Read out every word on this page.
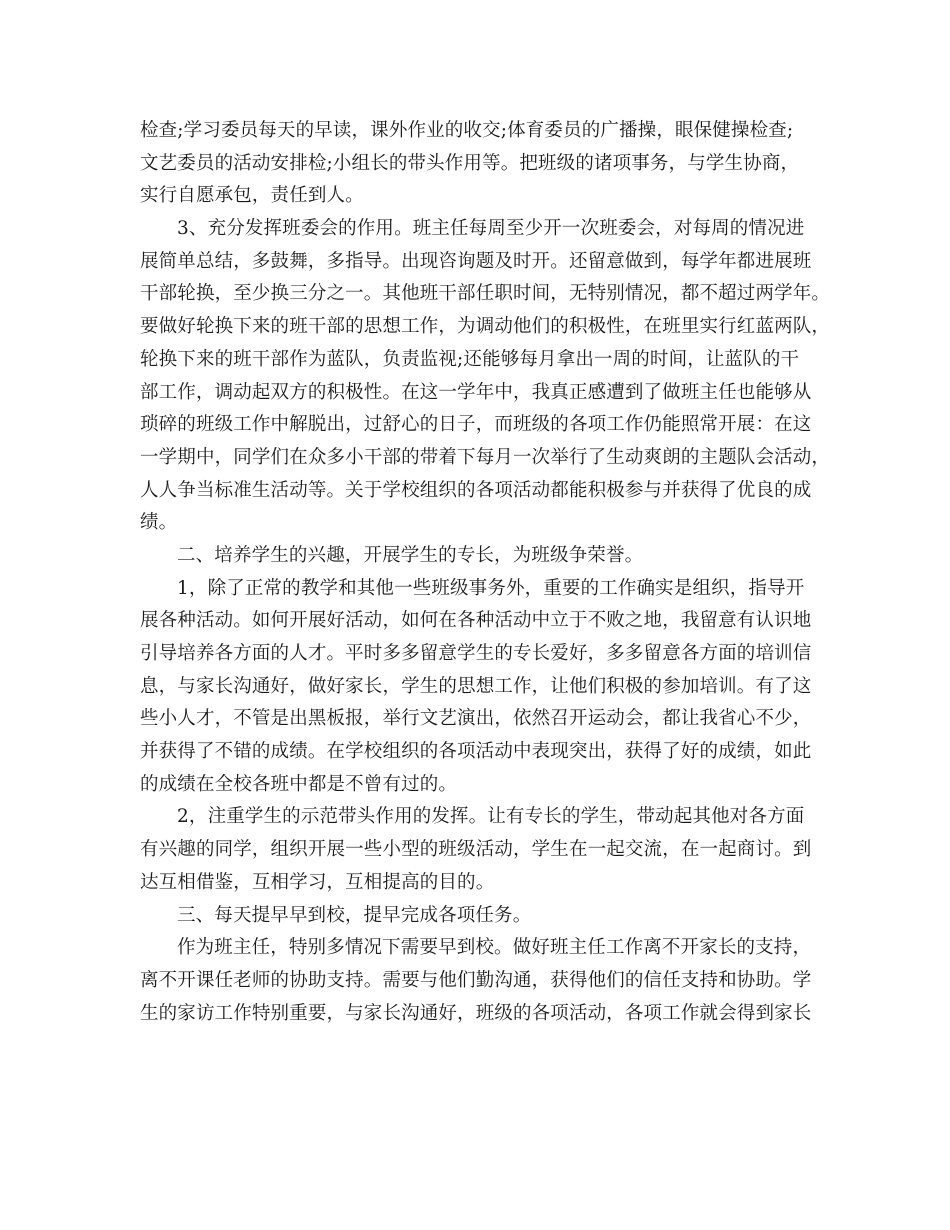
检查;学习委员每天的早读，课外作业的收交;体育委员的广播操，眼保健操检查;
文艺委员的活动安排检;小组长的带头作用等。把班级的诸项事务，与学生协商，
实行自愿承包，责任到人。
3、充分发挥班委会的作用。班主任每周至少开一次班委会，对每周的情况进
展简单总结，多鼓舞，多指导。出现咨询题及时开。还留意做到，每学年都进展班
干部轮换，至少换三分之一。其他班干部任职时间，无特别情况，都不超过两学年。
要做好轮换下来的班干部的思想工作，为调动他们的积极性，在班里实行红蓝两队，
轮换下来的班干部作为蓝队，负责监视;还能够每月拿出一周的时间，让蓝队的干
部工作，调动起双方的积极性。在这一学年中，我真正感遭到了做班主任也能够从
琐碎的班级工作中解脱出，过舒心的日子，而班级的各项工作仍能照常开展：在这
一学期中，同学们在众多小干部的带着下每月一次举行了生动爽朗的主题队会活动，
人人争当标准生活动等。关于学校组织的各项活动都能积极参与并获得了优良的成
绩。
二、培养学生的兴趣，开展学生的专长，为班级争荣誉。
1，除了正常的教学和其他一些班级事务外，重要的工作确实是组织，指导开
展各种活动。如何开展好活动，如何在各种活动中立于不败之地，我留意有认识地
引导培养各方面的人才。平时多多留意学生的专长爱好，多多留意各方面的培训信
息，与家长沟通好，做好家长，学生的思想工作，让他们积极的参加培训。有了这
些小人才，不管是出黑板报，举行文艺演出，依然召开运动会，都让我省心不少，
并获得了不错的成绩。在学校组织的各项活动中表现突出，获得了好的成绩，如此
的成绩在全校各班中都是不曾有过的。
2，注重学生的示范带头作用的发挥。让有专长的学生，带动起其他对各方面
有兴趣的同学，组织开展一些小型的班级活动，学生在一起交流，在一起商讨。到
达互相借鉴，互相学习，互相提高的目的。
三、每天提早早到校，提早完成各项任务。
作为班主任，特别多情况下需要早到校。做好班主任工作离不开家长的支持，
离不开课任老师的协助支持。需要与他们勤沟通，获得他们的信任支持和协助。学
生的家访工作特别重要，与家长沟通好，班级的各项活动，各项工作就会得到家长
